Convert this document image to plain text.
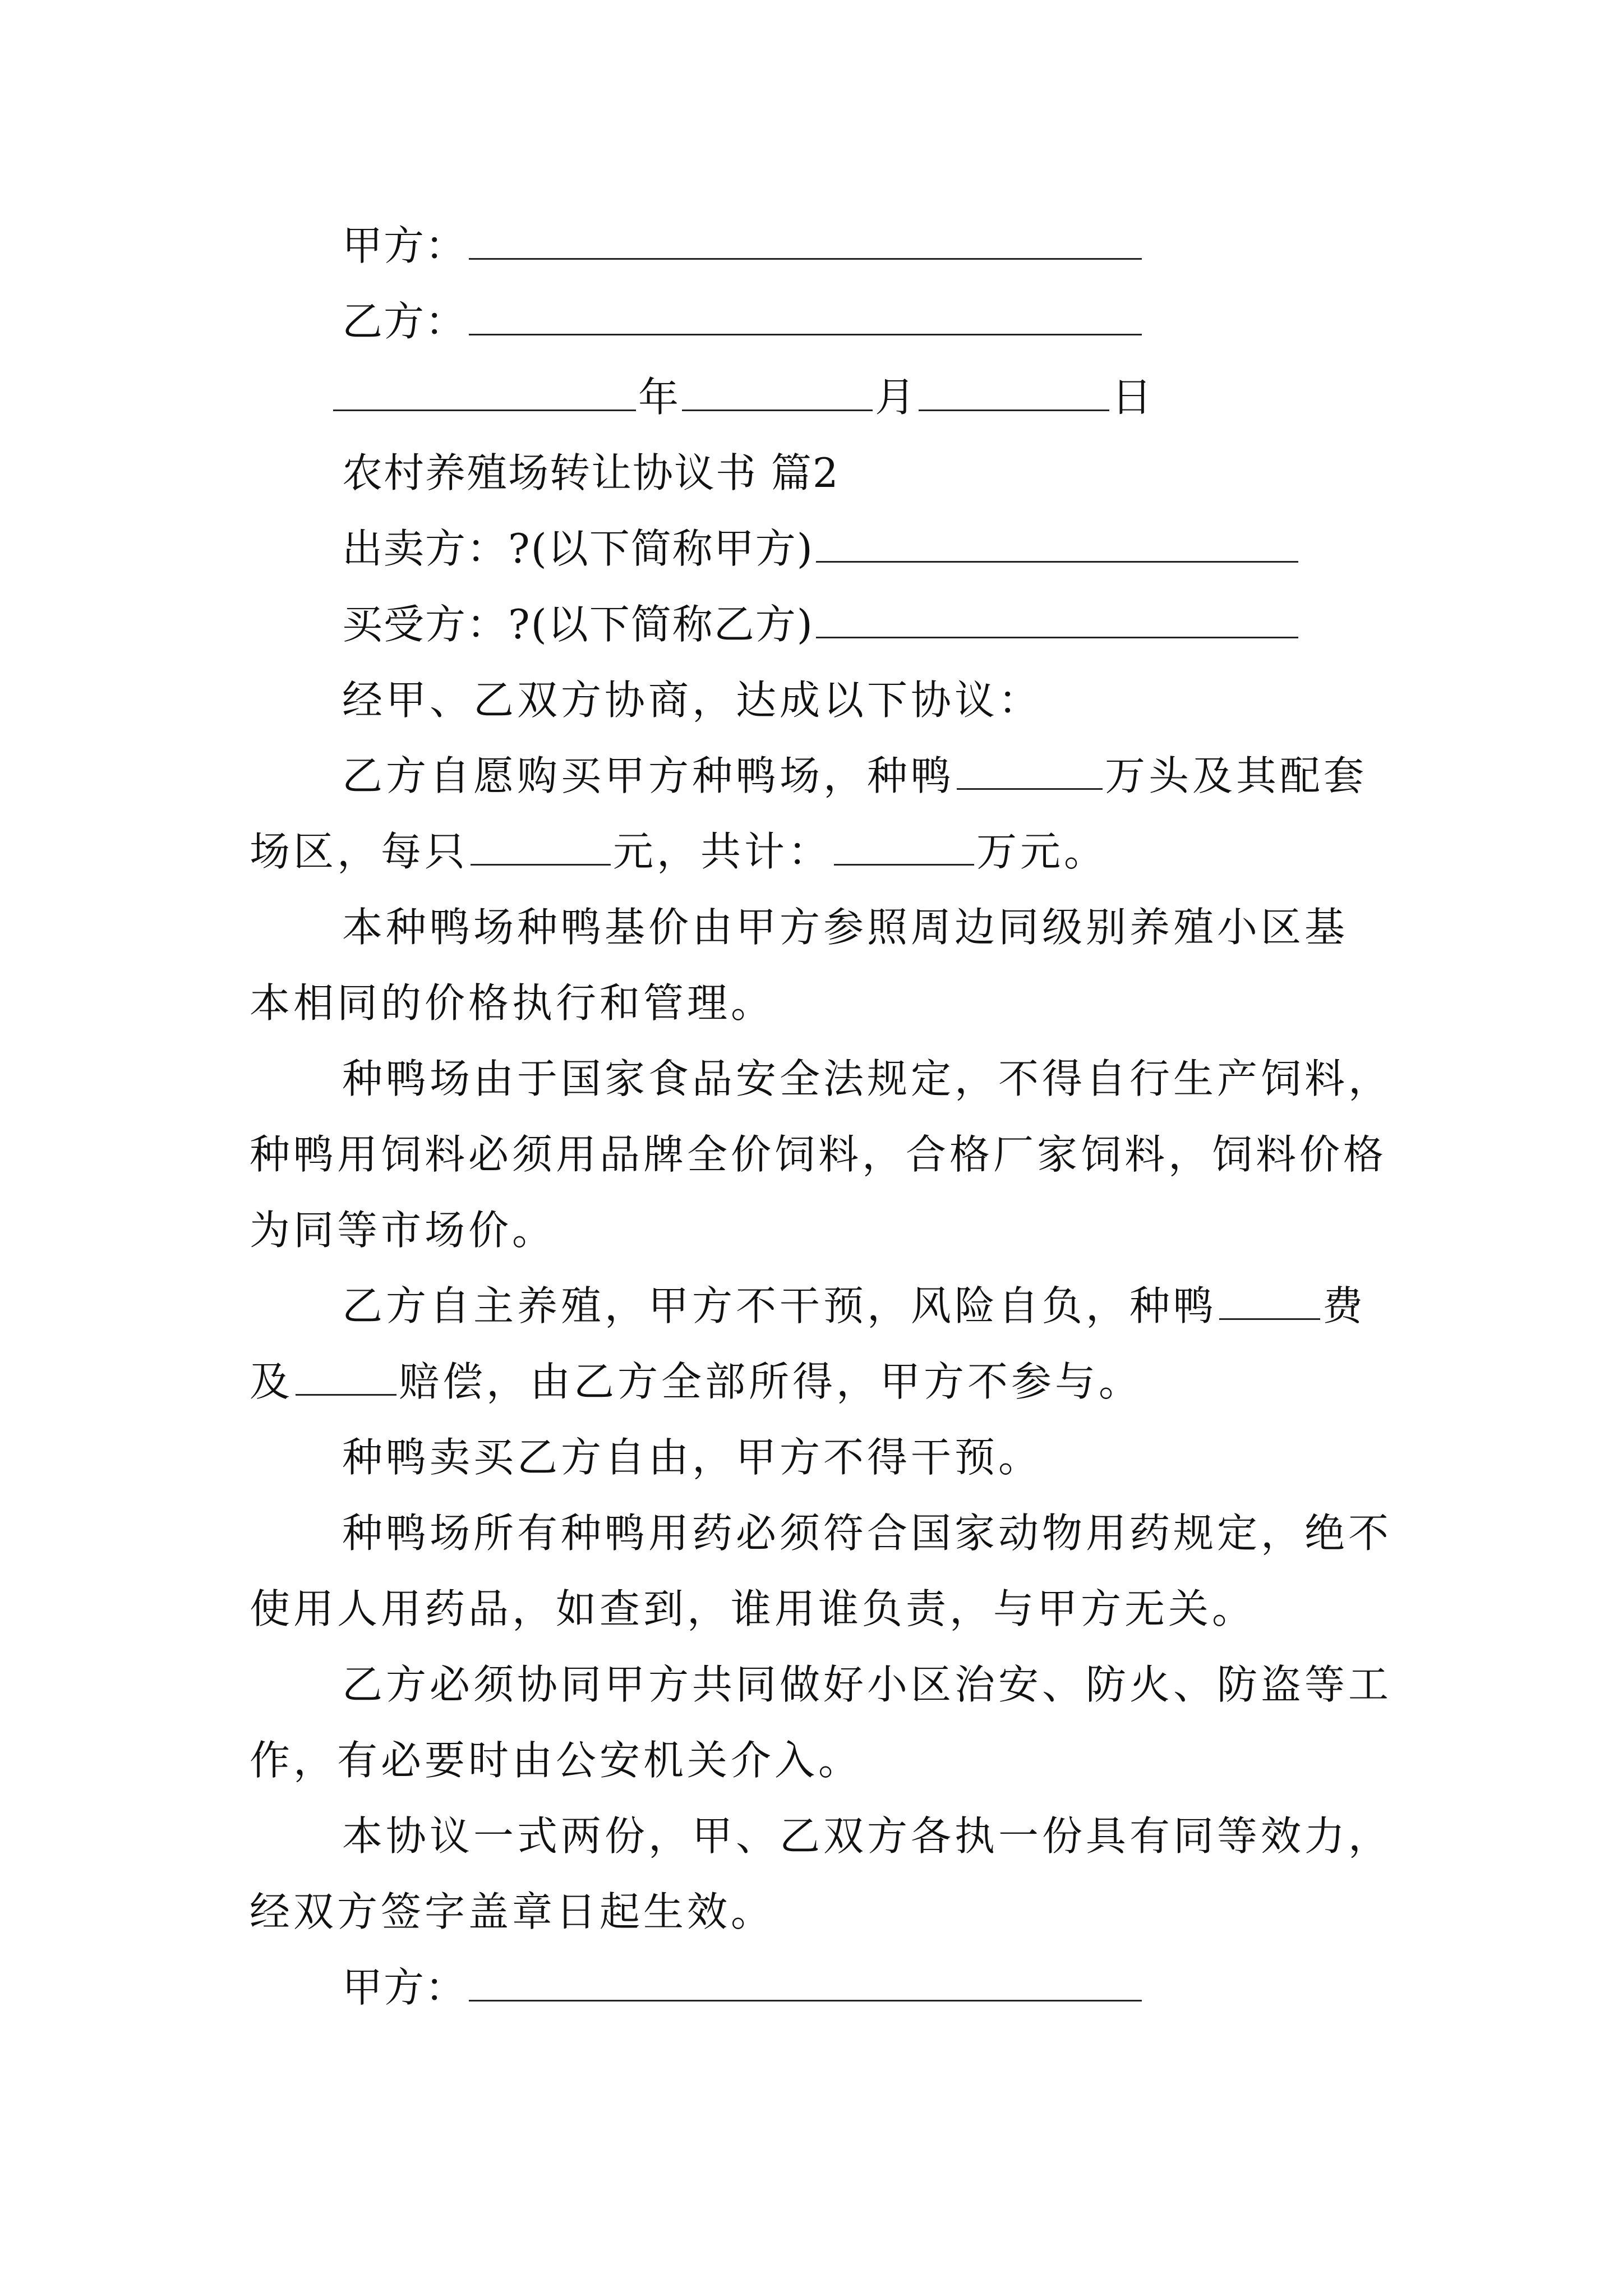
甲方：
乙方：
年	月	日
农村养殖场转让协议书 篇2
出卖方：?(以下简称甲方)
买受方：?(以下简称乙方)
经甲、乙双方协商，达成以下协议：
乙方自愿购买甲方种鸭场，种鸭	万头及其配套
场区，每只	元，共计：	万元。
本种鸭场种鸭基价由甲方参照周边同级别养殖小区基
本相同的价格执行和管理。
种鸭场由于国家食品安全法规定，不得自行生产饲料，
种鸭用饲料必须用品牌全价饲料，合格厂家饲料，饲料价格
为同等市场价。
乙方自主养殖，甲方不干预，风险自负，种鸭	费
及	赔偿，由乙方全部所得，甲方不参与。
种鸭卖买乙方自由，甲方不得干预。
种鸭场所有种鸭用药必须符合国家动物用药规定，绝不
使用人用药品，如查到，谁用谁负责，与甲方无关。
乙方必须协同甲方共同做好小区治安、防火、防盗等工
作，有必要时由公安机关介入。
本协议一式两份，甲、乙双方各执一份具有同等效力，
经双方签字盖章日起生效。
甲方：
